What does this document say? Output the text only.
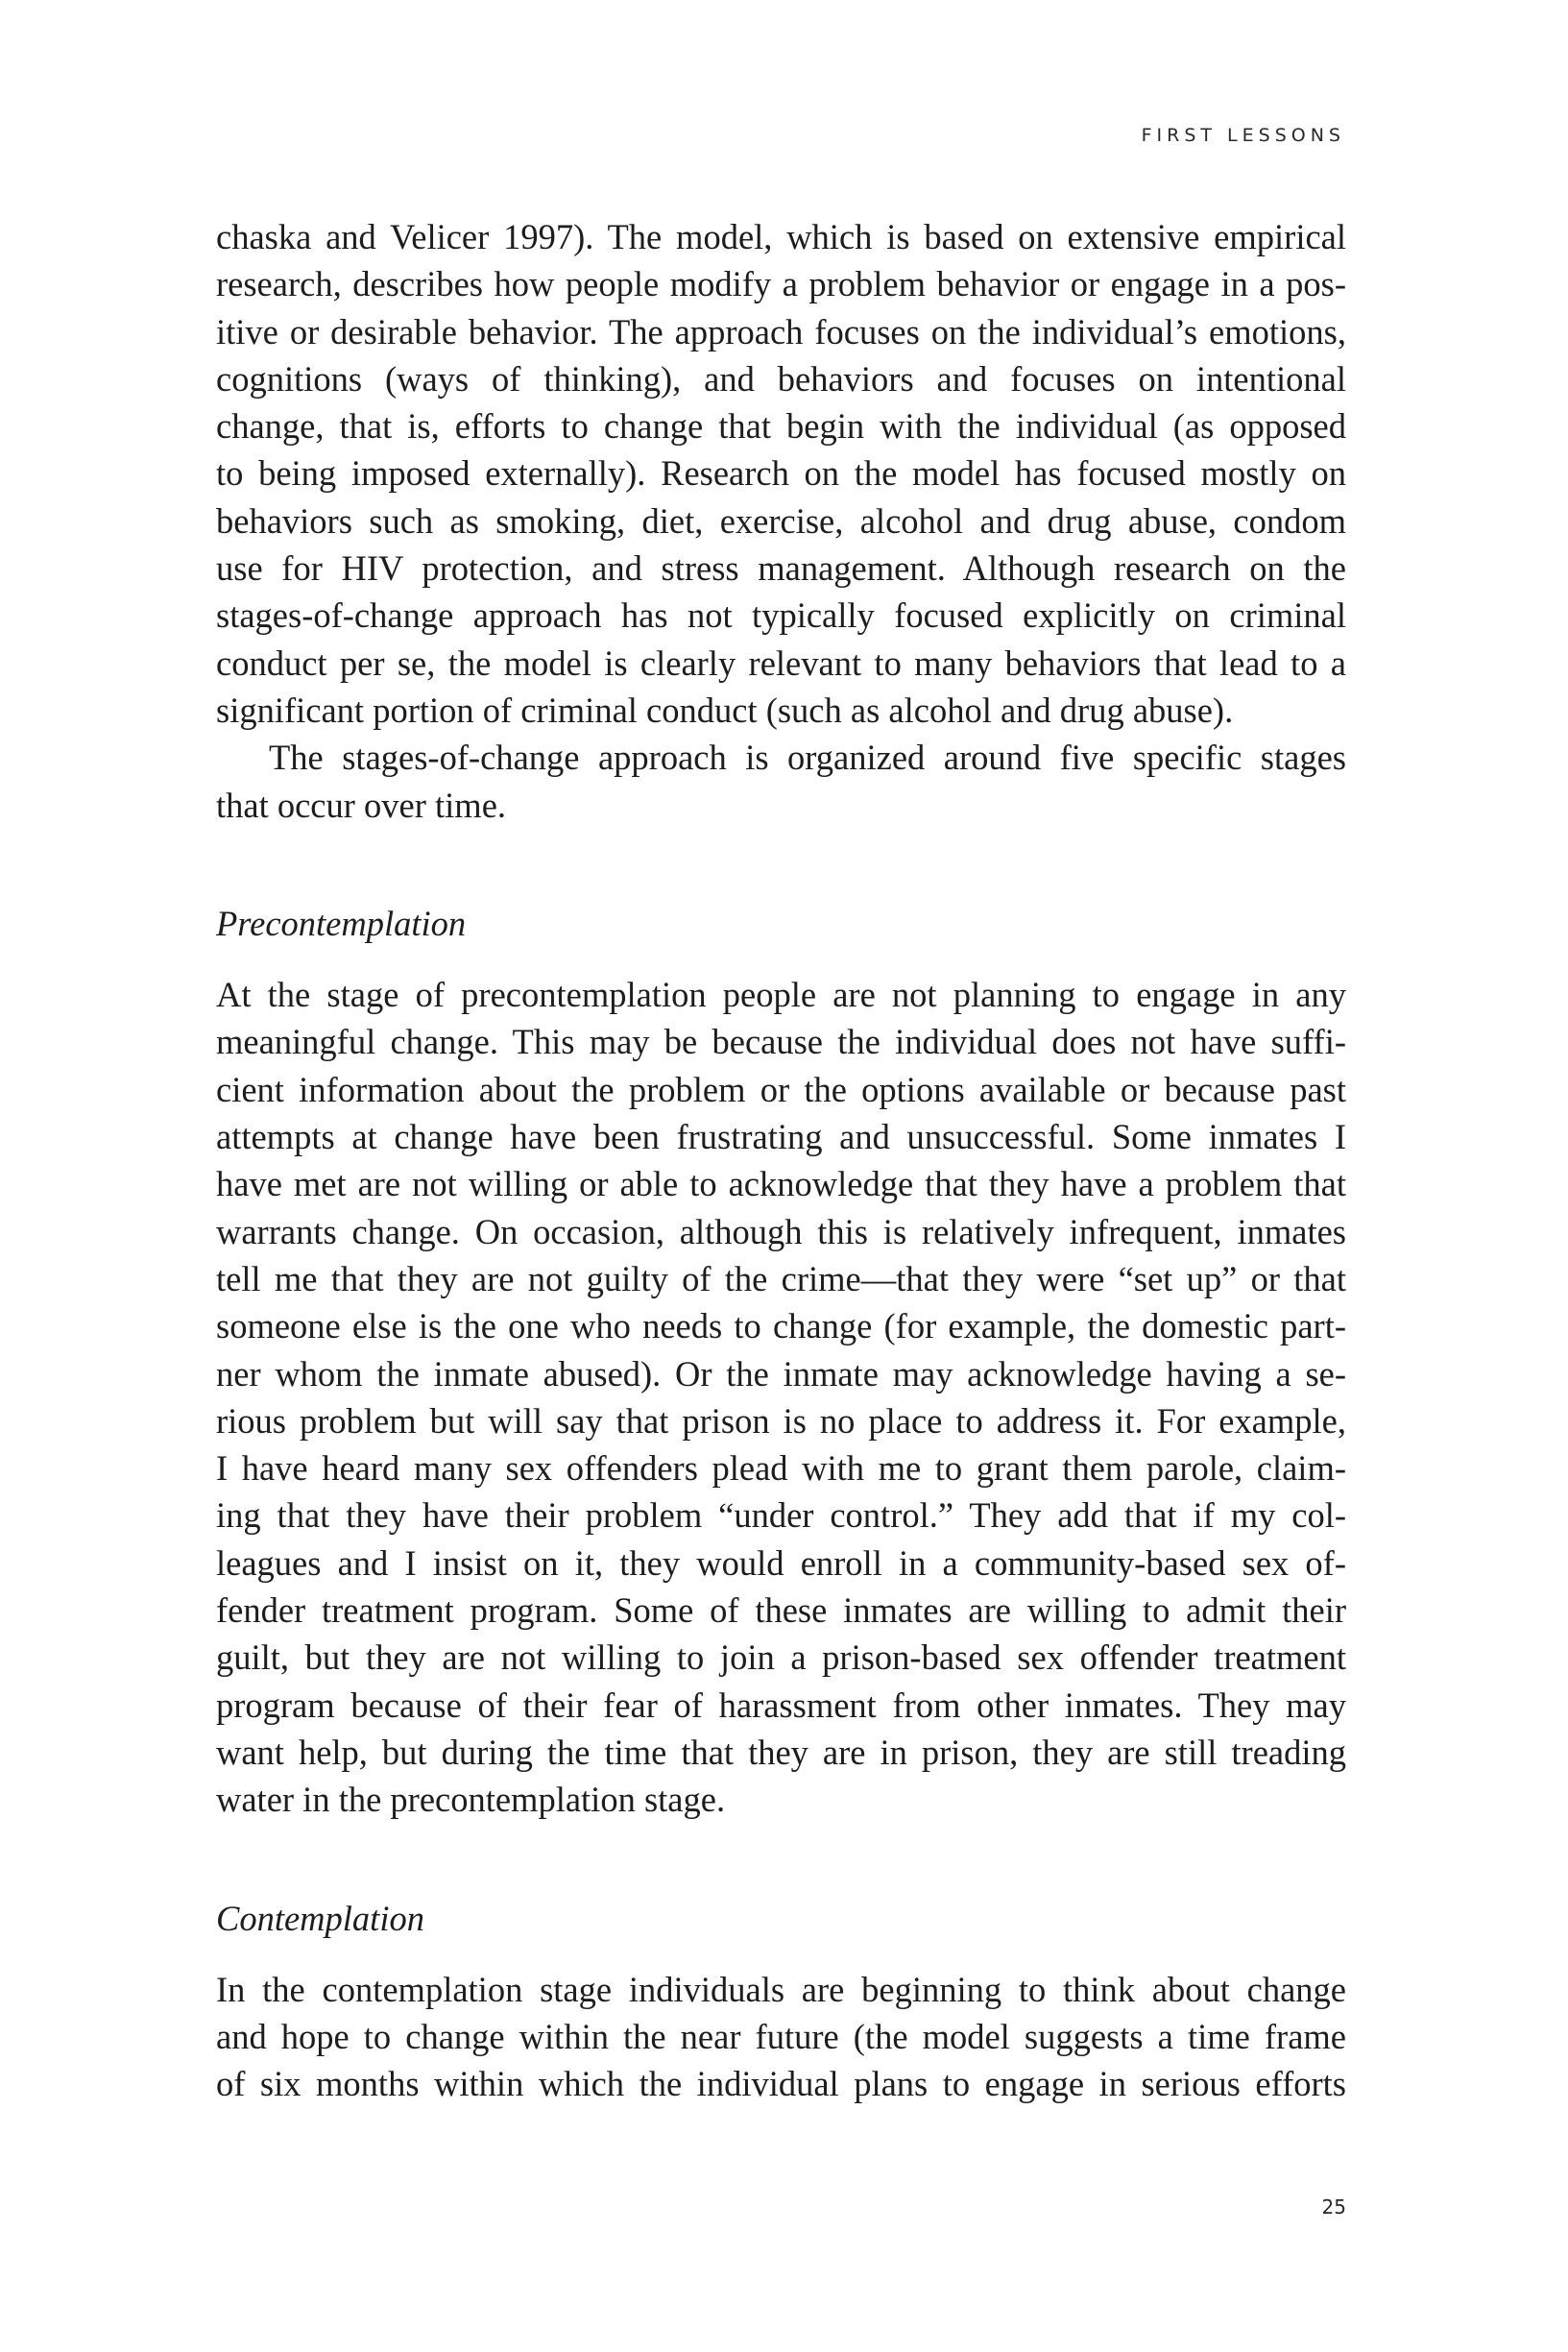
FIRST LESSONS
chaska and Velicer 1997). The model, which is based on extensive empirical
research, describes how people modify a problem behavior or engage in a pos-
itive or desirable behavior. The approach focuses on the individual’s emotions,
cognitions (ways of thinking), and behaviors and focuses on intentional
change, that is, efforts to change that begin with the individual (as opposed
to being imposed externally). Research on the model has focused mostly on
behaviors such as smoking, diet, exercise, alcohol and drug abuse, condom
use for HIV protection, and stress management. Although research on the
stages-of-change approach has not typically focused explicitly on criminal
conduct per se, the model is clearly relevant to many behaviors that lead to a
significant portion of criminal conduct (such as alcohol and drug abuse).
The stages-of-change approach is organized around five specific stages
that occur over time.
Precontemplation
At the stage of precontemplation people are not planning to engage in any
meaningful change. This may be because the individual does not have suffi-
cient information about the problem or the options available or because past
attempts at change have been frustrating and unsuccessful. Some inmates I
have met are not willing or able to acknowledge that they have a problem that
warrants change. On occasion, although this is relatively infrequent, inmates
tell me that they are not guilty of the crime—that they were “set up” or that
someone else is the one who needs to change (for example, the domestic part-
ner whom the inmate abused). Or the inmate may acknowledge having a se-
rious problem but will say that prison is no place to address it. For example,
I have heard many sex offenders plead with me to grant them parole, claim-
ing that they have their problem “under control.” They add that if my col-
leagues and I insist on it, they would enroll in a community-based sex of-
fender treatment program. Some of these inmates are willing to admit their
guilt, but they are not willing to join a prison-based sex offender treatment
program because of their fear of harassment from other inmates. They may
want help, but during the time that they are in prison, they are still treading
water in the precontemplation stage.
Contemplation
In the contemplation stage individuals are beginning to think about change
and hope to change within the near future (the model suggests a time frame
of six months within which the individual plans to engage in serious efforts
25
